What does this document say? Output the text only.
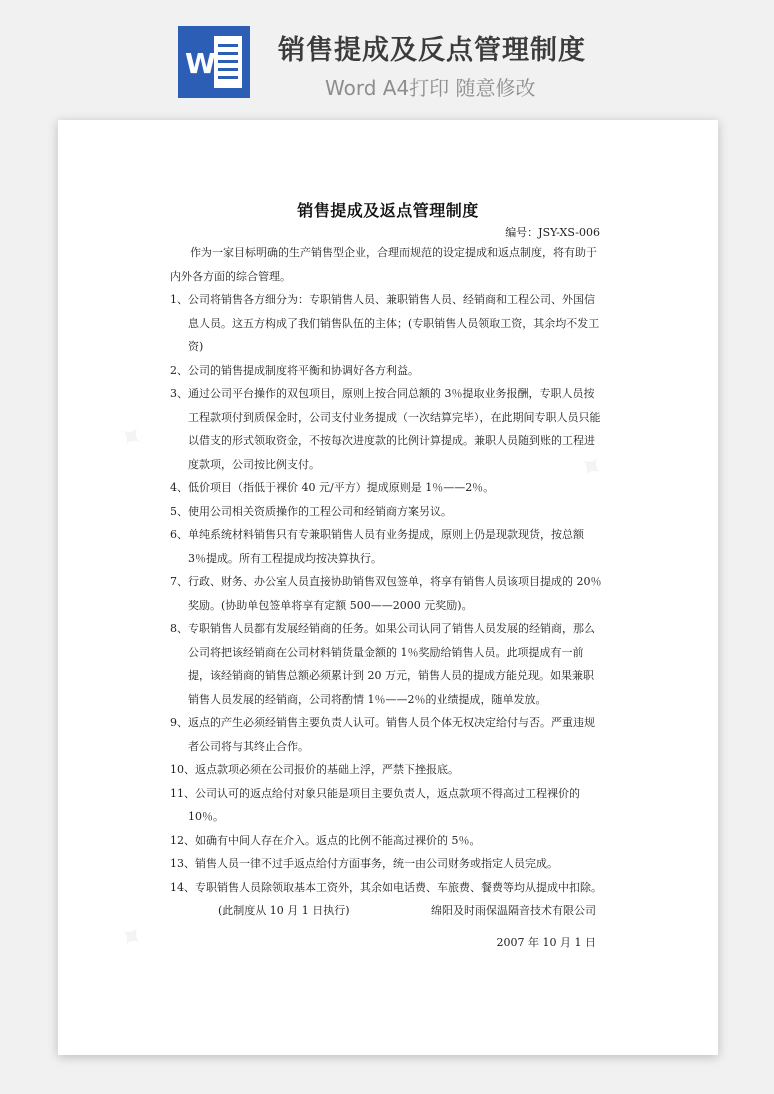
W 销售提成及反点管理制度
Word A4打印 随意修改
销售提成及返点管理制度
编号：JSY-XS-006

作为一家目标明确的生产销售型企业，合理而规范的设定提成和返点制度，将有助于内外各方面的综合管理。

1、公司将销售各方细分为：专职销售人员、兼职销售人员、经销商和工程公司、外国信息人员。这五方构成了我们销售队伍的主体；(专职销售人员领取工资，其余均不发工资)

2、公司的销售提成制度将平衡和协调好各方利益。

3、通过公司平台操作的双包项目，原则上按合同总额的 3％提取业务报酬，专职人员按工程款项付到质保金时，公司支付业务提成（一次结算完毕），在此期间专职人员只能以借支的形式领取资金，不按每次进度款的比例计算提成。兼职人员随到账的工程进度款项，公司按比例支付。

4、低价项目（指低于裸价 40 元/平方）提成原则是 1％——2％。

5、使用公司相关资质操作的工程公司和经销商方案另议。

6、单纯系统材料销售只有专兼职销售人员有业务提成，原则上仍是现款现货，按总额 3％提成。所有工程提成均按决算执行。

7、行政、财务、办公室人员直接协助销售双包签单，将享有销售人员该项目提成的 20％奖励。(协助单包签单将享有定额 500——2000 元奖励)。

8、专职销售人员都有发展经销商的任务。如果公司认同了销售人员发展的经销商，那么公司将把该经销商在公司材料销货量金额的 1％奖励给销售人员。此项提成有一前提，该经销商的销售总额必须累计到 20 万元，销售人员的提成方能兑现。如果兼职销售人员发展的经销商，公司将酌情 1％——2％的业绩提成，随单发放。

9、返点的产生必须经销售主要负责人认可。销售人员个体无权决定给付与否。严重违规者公司将与其终止合作。

10、返点款项必须在公司报价的基础上浮，严禁下挫报底。

11、公司认可的返点给付对象只能是项目主要负责人，返点款项不得高过工程裸价的 10％。

12、如确有中间人存在介入。返点的比例不能高过裸价的 5％。

13、销售人员一律不过手返点给付方面事务，统一由公司财务或指定人员完成。

14、专职销售人员除领取基本工资外，其余如电话费、车旅费、餐费等均从提成中扣除。

(此制度从 10 月 1 日执行)	绵阳及时雨保温隔音技术有限公司
2007 年 10 月 1 日
